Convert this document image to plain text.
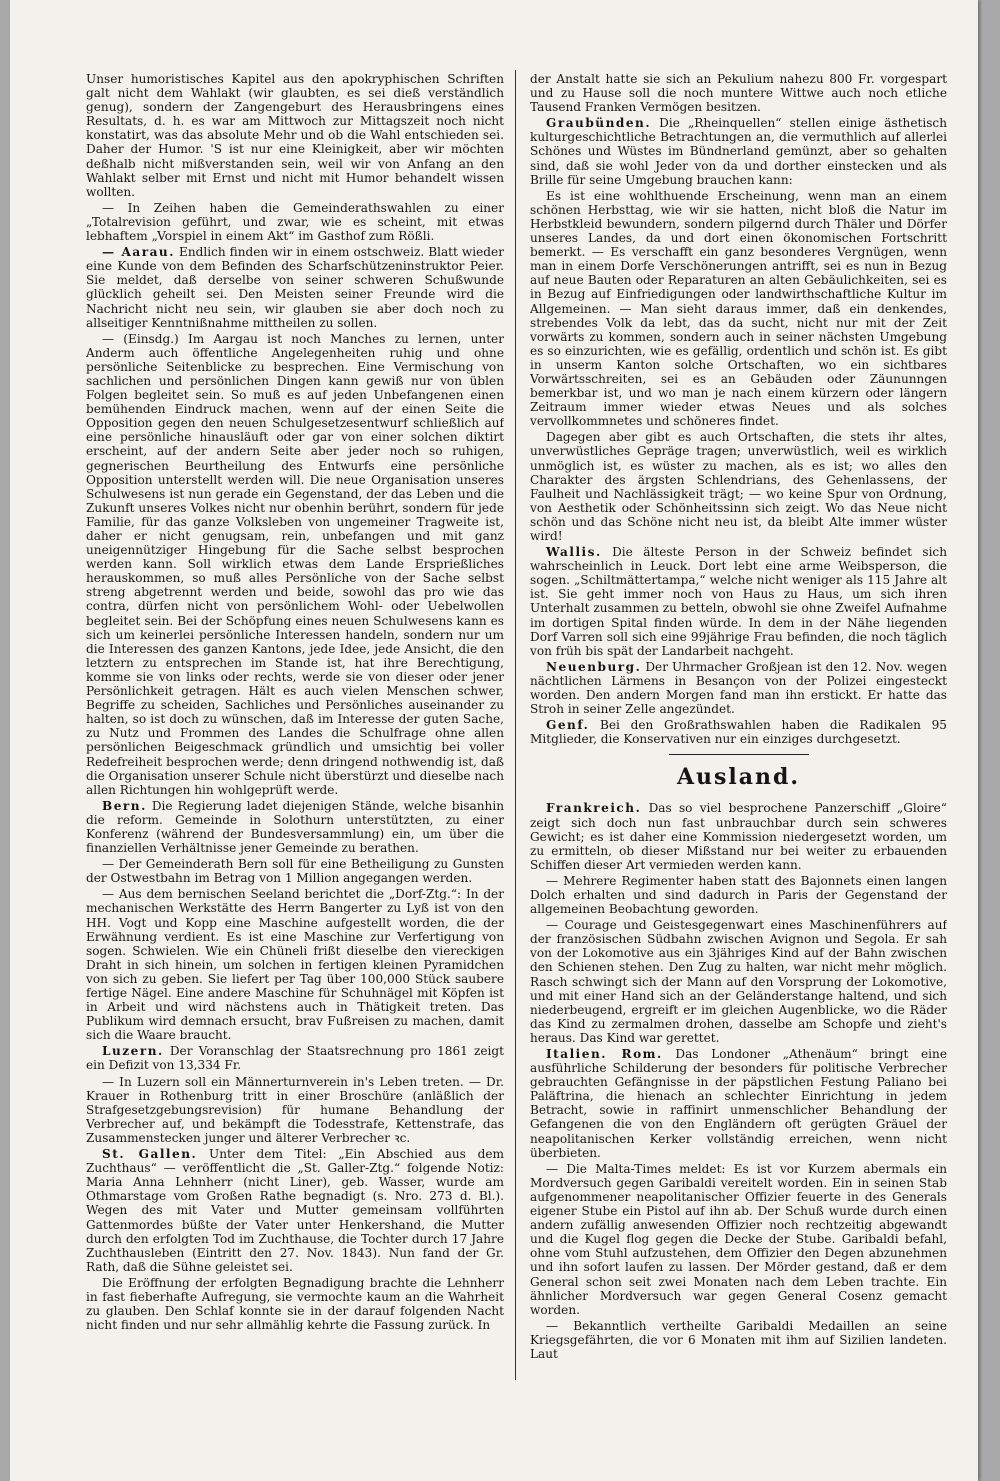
Unser humoristisches Kapitel aus den apokryphischen Schriften galt nicht dem Wahlakt (wir glaubten, es sei dieß verständlich genug), sondern der Zangengeburt des Herausbringens eines Resultats, d. h. es war am Mittwoch zur Mittagszeit noch nicht konstatirt, was das absolute Mehr und ob die Wahl entschieden sei. Daher der Humor. 'S ist nur eine Kleinigkeit, aber wir möchten deßhalb nicht mißverstanden sein, weil wir von Anfang an den Wahlakt selber mit Ernst und nicht mit Humor behandelt wissen wollten.

— In Zeihen haben die Gemeinderathswahlen zu einer „Totalrevision geführt, und zwar, wie es scheint, mit etwas lebhaftem „Vorspiel in einem Akt“ im Gasthof zum Rößli.

— Aarau. Endlich finden wir in einem ostschweiz. Blatt wieder eine Kunde von dem Befinden des Scharfschützeninstruktor Peier. Sie meldet, daß derselbe von seiner schweren Schußwunde glücklich geheilt sei. Den Meisten seiner Freunde wird die Nachricht nicht neu sein, wir glauben sie aber doch noch zu allseitiger Kenntnißnahme mittheilen zu sollen.

— (Einsdg.) Im Aargau ist noch Manches zu lernen, unter Anderm auch öffentliche Angelegenheiten ruhig und ohne persönliche Seitenblicke zu besprechen. Eine Vermischung von sachlichen und persönlichen Dingen kann gewiß nur von üblen Folgen begleitet sein. So muß es auf jeden Unbefangenen einen bemühenden Eindruck machen, wenn auf der einen Seite die Opposition gegen den neuen Schulgesetzesentwurf schließlich auf eine persönliche hinausläuft oder gar von einer solchen diktirt erscheint, auf der andern Seite aber jeder noch so ruhigen, gegnerischen Beurtheilung des Entwurfs eine persönliche Opposition unterstellt werden will. Die neue Organisation unseres Schulwesens ist nun gerade ein Gegenstand, der das Leben und die Zukunft unseres Volkes nicht nur obenhin berührt, sondern für jede Familie, für das ganze Volksleben von ungemeiner Tragweite ist, daher er nicht genugsam, rein, unbefangen und mit ganz uneigennütziger Hingebung für die Sache selbst besprochen werden kann. Soll wirklich etwas dem Lande Ersprießliches herauskommen, so muß alles Persönliche von der Sache selbst streng abgetrennt werden und beide, sowohl das pro wie das contra, dürfen nicht von persönlichem Wohl- oder Uebelwollen begleitet sein. Bei der Schöpfung eines neuen Schulwesens kann es sich um keinerlei persönliche Interessen handeln, sondern nur um die Interessen des ganzen Kantons, jede Idee, jede Ansicht, die den letztern zu entsprechen im Stande ist, hat ihre Berechtigung, komme sie von links oder rechts, werde sie von dieser oder jener Persönlichkeit getragen. Hält es auch vielen Menschen schwer, Begriffe zu scheiden, Sachliches und Persönliches auseinander zu halten, so ist doch zu wünschen, daß im Interesse der guten Sache, zu Nutz und Frommen des Landes die Schulfrage ohne allen persönlichen Beigeschmack gründlich und umsichtig bei voller Redefreiheit besprochen werde; denn dringend nothwendig ist, daß die Organisation unserer Schule nicht überstürzt und dieselbe nach allen Richtungen hin wohlgeprüft werde.

Bern. Die Regierung ladet diejenigen Stände, welche bisanhin die reform. Gemeinde in Solothurn unterstützten, zu einer Konferenz (während der Bundesversammlung) ein, um über die finanziellen Verhältnisse jener Gemeinde zu berathen.

— Der Gemeinderath Bern soll für eine Betheiligung zu Gunsten der Ostwestbahn im Betrag von 1 Million angegangen werden.

— Aus dem bernischen Seeland berichtet die „Dorf-Ztg.“: In der mechanischen Werkstätte des Herrn Bangerter zu Lyß ist von den HH. Vogt und Kopp eine Maschine aufgestellt worden, die der Erwähnung verdient. Es ist eine Maschine zur Verfertigung von sogen. Schwielen. Wie ein Chüneli frißt dieselbe den viereckigen Draht in sich hinein, um solchen in fertigen kleinen Pyramidchen von sich zu geben. Sie liefert per Tag über 100,000 Stück saubere fertige Nägel. Eine andere Maschine für Schuhnägel mit Köpfen ist in Arbeit und wird nächstens auch in Thätigkeit treten. Das Publikum wird demnach ersucht, brav Fußreisen zu machen, damit sich die Waare braucht.

Luzern. Der Voranschlag der Staatsrechnung pro 1861 zeigt ein Defizit von 13,334 Fr.

— In Luzern soll ein Männerturnverein in's Leben treten. — Dr. Krauer in Rothenburg tritt in einer Broschüre (anläßlich der Strafgesetzgebungsrevision) für humane Behandlung der Verbrecher auf, und bekämpft die Todesstrafe, Kettenstrafe, das Zusammenstecken junger und älterer Verbrecher ꝛc.

St. Gallen. Unter dem Titel: „Ein Abschied aus dem Zuchthaus“ — veröffentlicht die „St. Galler-Ztg.“ folgende Notiz: Maria Anna Lehnherr (nicht Liner), geb. Wasser, wurde am Othmarstage vom Großen Rathe begnadigt (s. Nro. 273 d. Bl.). Wegen des mit Vater und Mutter gemeinsam vollführten Gattenmordes büßte der Vater unter Henkershand, die Mutter durch den erfolgten Tod im Zuchthause, die Tochter durch 17 Jahre Zuchthausleben (Eintritt den 27. Nov. 1843). Nun fand der Gr. Rath, daß die Sühne geleistet sei.

Die Eröffnung der erfolgten Begnadigung brachte die Lehnherr in fast fieberhafte Aufregung, sie vermochte kaum an die Wahrheit zu glauben. Den Schlaf konnte sie in der darauf folgenden Nacht nicht finden und nur sehr allmählig kehrte die Fassung zurück. In

der Anstalt hatte sie sich an Pekulium nahezu 800 Fr. vorgespart und zu Hause soll die noch muntere Wittwe auch noch etliche Tausend Franken Vermögen besitzen.

Graubünden. Die „Rheinquellen“ stellen einige ästhetisch kulturgeschichtliche Betrachtungen an, die vermuthlich auf allerlei Schönes und Wüstes im Bündnerland gemünzt, aber so gehalten sind, daß sie wohl Jeder von da und dorther einstecken und als Brille für seine Umgebung brauchen kann:

Es ist eine wohlthuende Erscheinung, wenn man an einem schönen Herbsttag, wie wir sie hatten, nicht bloß die Natur im Herbstkleid bewundern, sondern pilgernd durch Thäler und Dörfer unseres Landes, da und dort einen ökonomischen Fortschritt bemerkt. — Es verschafft ein ganz besonderes Vergnügen, wenn man in einem Dorfe Verschönerungen antrifft, sei es nun in Bezug auf neue Bauten oder Reparaturen an alten Gebäulichkeiten, sei es in Bezug auf Einfriedigungen oder landwirthschaftliche Kultur im Allgemeinen. — Man sieht daraus immer, daß ein denkendes, strebendes Volk da lebt, das da sucht, nicht nur mit der Zeit vorwärts zu kommen, sondern auch in seiner nächsten Umgebung es so einzurichten, wie es gefällig, ordentlich und schön ist. Es gibt in unserm Kanton solche Ortschaften, wo ein sichtbares Vorwärtsschreiten, sei es an Gebäuden oder Zäununngen bemerkbar ist, und wo man je nach einem kürzern oder längern Zeitraum immer wieder etwas Neues und als solches vervollkommnetes und schöneres findet.

Dagegen aber gibt es auch Ortschaften, die stets ihr altes, unverwüstliches Gepräge tragen; unverwüstlich, weil es wirklich unmöglich ist, es wüster zu machen, als es ist; wo alles den Charakter des ärgsten Schlendrians, des Gehenlassens, der Faulheit und Nachlässigkeit trägt; — wo keine Spur von Ordnung, von Aesthetik oder Schönheitssinn sich zeigt. Wo das Neue nicht schön und das Schöne nicht neu ist, da bleibt Alte immer wüster wird!

Wallis. Die älteste Person in der Schweiz befindet sich wahrscheinlich in Leuck. Dort lebt eine arme Weibsperson, die sogen. „Schiltmättertampa,“ welche nicht weniger als 115 Jahre alt ist. Sie geht immer noch von Haus zu Haus, um sich ihren Unterhalt zusammen zu betteln, obwohl sie ohne Zweifel Aufnahme im dortigen Spital finden würde. In dem in der Nähe liegenden Dorf Varren soll sich eine 99jährige Frau befinden, die noch täglich von früh bis spät der Landarbeit nachgeht.

Neuenburg. Der Uhrmacher Großjean ist den 12. Nov. wegen nächtlichen Lärmens in Besançon von der Polizei eingesteckt worden. Den andern Morgen fand man ihn erstickt. Er hatte das Stroh in seiner Zelle angezündet.

Genf. Bei den Großrathswahlen haben die Radikalen 95 Mitglieder, die Konservativen nur ein einziges durchgesetzt.

Ausland.

Frankreich. Das so viel besprochene Panzerschiff „Gloire“ zeigt sich doch nun fast unbrauchbar durch sein schweres Gewicht; es ist daher eine Kommission niedergesetzt worden, um zu ermitteln, ob dieser Mißstand nur bei weiter zu erbauenden Schiffen dieser Art vermieden werden kann.

— Mehrere Regimenter haben statt des Bajonnets einen langen Dolch erhalten und sind dadurch in Paris der Gegenstand der allgemeinen Beobachtung geworden.

— Courage und Geistesgegenwart eines Maschinenführers auf der französischen Südbahn zwischen Avignon und Segola. Er sah von der Lokomotive aus ein 3jähriges Kind auf der Bahn zwischen den Schienen stehen. Den Zug zu halten, war nicht mehr möglich. Rasch schwingt sich der Mann auf den Vorsprung der Lokomotive, und mit einer Hand sich an der Geländerstange haltend, und sich niederbeugend, ergreift er im gleichen Augenblicke, wo die Räder das Kind zu zermalmen drohen, dasselbe am Schopfe und zieht's heraus. Das Kind war gerettet.

Italien. Rom. Das Londoner „Athenäum“ bringt eine ausführliche Schilderung der besonders für politische Verbrecher gebrauchten Gefängnisse in der päpstlichen Festung Paliano bei Paläftrina, die hienach an schlechter Einrichtung in jedem Betracht, sowie in raffinirt unmenschlicher Behandlung der Gefangenen die von den Engländern oft gerügten Gräuel der neapolitanischen Kerker vollständig erreichen, wenn nicht überbieten.

— Die Malta-Times meldet: Es ist vor Kurzem abermals ein Mordversuch gegen Garibaldi vereitelt worden. Ein in seinen Stab aufgenommener neapolitanischer Offizier feuerte in des Generals eigener Stube ein Pistol auf ihn ab. Der Schuß wurde durch einen andern zufällig anwesenden Offizier noch rechtzeitig abgewandt und die Kugel flog gegen die Decke der Stube. Garibaldi befahl, ohne vom Stuhl aufzustehen, dem Offizier den Degen abzunehmen und ihn sofort laufen zu lassen. Der Mörder gestand, daß er dem General schon seit zwei Monaten nach dem Leben trachte. Ein ähnlicher Mordversuch war gegen General Cosenz gemacht worden.

— Bekanntlich vertheilte Garibaldi Medaillen an seine Kriegsgefährten, die vor 6 Monaten mit ihm auf Sizilien landeten. Laut
